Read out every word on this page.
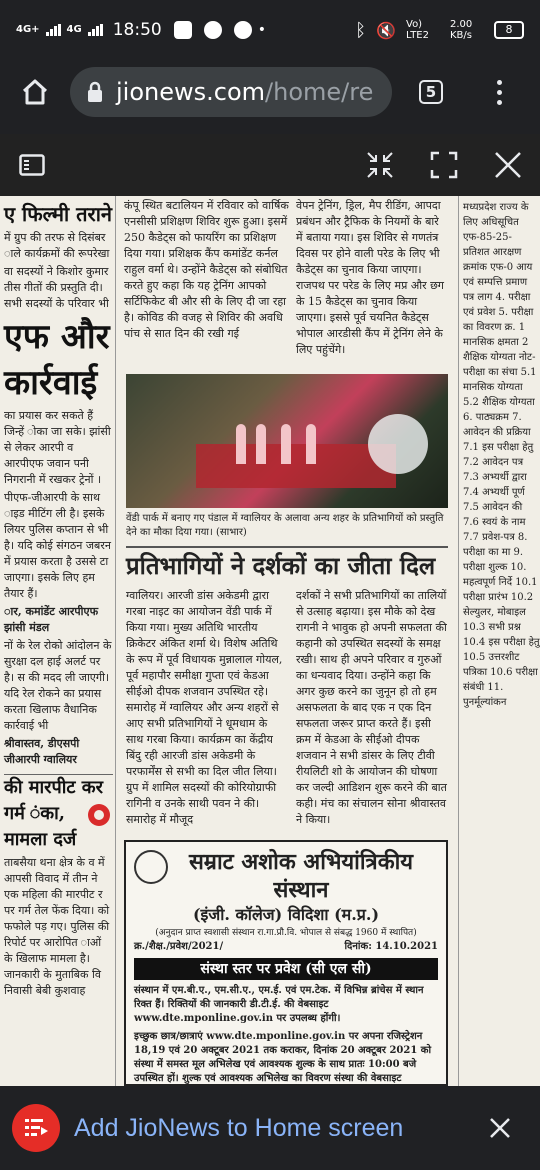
4G+	4G 18:50	•	ᛒ 🔇 Vo) LTE2
2.00 KB/s	8
jionews.com /home/re	5

ए फिल्मी तराने

में ग्रुप की तरफ से दिसंबर ाले कार्यक्रमों की रूपरेखा

वा सदस्यों ने किशोर कुमार तीस गीतों की प्रस्तुति दी। सभी सदस्यों के परिवार भी

एफ और कार्रवाई

का प्रयास कर सकते हैं जिन्हें ोका जा सके। झांसी से लेकर आरपी व आरपीएफ जवान पनी निगरानी में रखकर ट्रेनों ।

पीएफ-जीआरपी के साथ ाइड मीटिंग ली है। इसके लियर पुलिस कप्तान से भी है। यदि कोई संगठन जबरन में प्रयास करता है उससे टा जाएगा। इसके लिए हम तैयार हैं।

ार, कमांडेंट आरपीएफ झांसी मंडल

नों के रेल रोको आंदोलन के सुरक्षा दल हाई अलर्ट पर है। स की मदद ली जाएगी। यदि रेल रोकने का प्रयास करता खिलाफ वैधानिक कार्रवाई भी

श्रीवास्तव, डीएसपी जीआरपी ग्वालियर

की मारपीट कर गर्म ंका, मामला दर्ज

ताबसैया थना क्षेत्र के व में आपसी विवाद में तीन ने एक महिला की मारपीट र पर गर्म तेल फेंक दिया। को फफोले पड़ गए। पुलिस की रिपोर्ट पर आरोपित ाओं के खिलाफ मामला है। जानकारी के मुताबिक वि निवासी बेबी कुशवाह

कंपू स्थित बटालियन में रविवार को वार्षिक एनसीसी प्रशिक्षण शिविर शुरू हुआ। इसमें 250 कैडेट्स को फायरिंग का प्रशिक्षण दिया गया। प्रशिक्षक कैंप कमांडेंट कर्नल राहुल वर्मा थे। उन्होंने कैडेट्स को संबोधित करते हुए कहा कि यह ट्रेनिंग आपको सर्टिफिकेट बी और सी के लिए दी जा रहा है। कोविड की वजह से शिविर की अवधि पांच से सात दिन की रखी गई
वेपन ट्रेनिंग, ड्रिल, मैप रीडिंग, आपदा प्रबंधन और ट्रैफिक के नियमों के बारे में बताया गया। इस शिविर से गणतंत्र दिवस पर होने वाली परेड के लिए भी कैडेट्स का चुनाव किया जाएगा। राजपथ पर परेड के लिए मप्र और छग के 15 कैडेट्स का चुनाव किया जाएगा। इससे पूर्व चयनित कैडेट्स भोपाल आरडीसी कैंप में ट्रेनिंग लेने के लिए पहुंचेंगे।
वेंडी पार्क में बनाए गए पंडाल में ग्वालियर के अलावा अन्य शहर के प्रतिभागियों को प्रस्तुति देने का मौका दिया गया। (साभार)
प्रतिभागियों ने दर्शकों का जीता दिल
ग्वालियर। आरजी डांस अकेडमी द्वारा गरबा नाइट का आयोजन वेंडी पार्क में किया गया। मुख्य अतिथि भारतीय क्रिकेटर अंकित शर्मा थे। विशेष अतिथि के रूप में पूर्व विधायक मुन्नालाल गोयल, पूर्व महापौर समीक्षा गुप्ता एवं केडआ सीईओ दीपक शजवान उपस्थित रहे। समारोह में ग्वालियर और अन्य शहरों से आए सभी प्रतिभागियों ने धूमधाम के साथ गरबा किया। कार्यक्रम का केंद्रीय बिंदु रही आरजी डांस अकेडमी के परफार्मेंस से सभी का दिल जीत लिया। ग्रुप में शामिल सदस्यों की कोरियोग्राफी रागिनी व उनके साथी पवन ने की। समारोह में मौजूद
दर्शकों ने सभी प्रतिभागियों का तालियों से उत्साह बढ़ाया। इस मौके को देख रागनी ने भावुक हो अपनी सफलता की कहानी को उपस्थित सदस्यों के समक्ष रखी। साथ ही अपने परिवार व गुरुओं का धन्यवाद दिया। उन्होंने कहा कि अगर कुछ करने का जुनून हो तो हम असफलता के बाद एक न एक दिन सफलता जरूर प्राप्त करते हैं। इसी क्रम में केडआ के सीईओ दीपक शजवान ने सभी डांसर के लिए टीवी रीयलिटी शो के आयोजन की घोषणा कर जल्दी आडिशन शुरू करने की बात कही। मंच का संचालन सोना श्रीवास्तव ने किया।
सम्राट अशोक अभियांत्रिकीय संस्थान
(इंजी. कॉलेज) विदिशा (म.प्र.)
(अनुदान प्राप्त स्वशासी संस्थान रा.गा.प्रौ.वि. भोपाल से संबद्ध 1960 में स्थापित)
क्र./शैक्ष./प्रवेश/2021/	दिनांक: 14.10.2021
संस्था स्तर पर प्रवेश (सी एल सी)

संस्थान में एम.बी.ए., एम.सी.ए., एम.ई. एवं एम.टेक. में विभिन्न ब्रांचेस में स्थान रिक्त हैं। रिक्तियों की जानकारी डी.टी.ई. की वेबसाइट www.dte.mponline.gov.in पर उपलब्ध होंगी।

इच्छुक छात्र/छात्राएं www.dte.mponline.gov.in पर अपना रजिस्ट्रेशन 18,19 एवं 20 अक्टूबर 2021 तक कराकर, दिनांक 20 अक्टूबर 2021 को संस्था में समस्त मूल अभिलेख एवं आवश्यक शुल्क के साथ प्रातः 10:00 बजे उपस्थित हों। शुल्क एवं आवश्यक अभिलेख का विवरण संस्था की वेबसाइट

मध्यप्रदेश राज्य के लिए अधिसूचित एफ-85-25- प्रतिशत आरक्षण क्रमांक एफ-0 आय एवं सम्पत्ति प्रमाण पत्र लाग 4. परीक्षा एवं प्रवेश 5. परीक्षा का विवरण क्र. 1 मानसिक क्षमता 2 शैक्षिक योग्यता नोट- परीक्षा का संचा 5.1 मानसिक योग्यता 5.2 शैक्षिक योग्यता 6. पाठ्यक्रम 7. आवेदन की प्रक्रिया 7.1 इस परीक्षा हेतु 7.2 आवेदन पत्र 7.3 अभ्यर्थी द्वारा 7.4 अभ्यर्थी पूर्ण 7.5 आवेदन की 7.6 स्वयं के नाम 7.7 प्रवेश-पत्र 8. परीक्षा का मा 9. परीक्षा शुल्क 10. महत्वपूर्ण निर्दे 10.1 परीक्षा प्रारंभ 10.2 सेल्युलर, मोबाइल 10.3 सभी प्रश्न 10.4 इस परीक्षा हेतु 10.5 उत्तरशीट पत्रिका 10.6 परीक्षा संबंधी 11. पुनर्मूल्यांकन
Add JioNews to Home screen
